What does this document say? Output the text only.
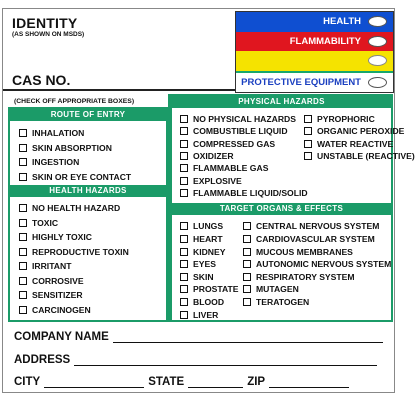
IDENTITY
(AS SHOWN ON MSDS)
CAS NO.
HEALTH
FLAMMABILITY
PROTECTIVE EQUIPMENT
(CHECK OFF APPROPRIATE BOXES)
ROUTE OF ENTRY
INHALATION
SKIN ABSORPTION
INGESTION
SKIN OR EYE CONTACT
HEALTH HAZARDS
NO HEALTH HAZARD
TOXIC
HIGHLY TOXIC
REPRODUCTIVE TOXIN
IRRITANT
CORROSIVE
SENSITIZER
CARCINOGEN
PHYSICAL HAZARDS
NO PHYSICAL HAZARDS
COMBUSTIBLE LIQUID
COMPRESSED GAS
OXIDIZER
FLAMMABLE GAS
EXPLOSIVE
FLAMMABLE LIQUID/SOLID
PYROPHORIC
ORGANIC PEROXIDE
WATER REACTIVE
UNSTABLE (REACTIVE)
TARGET ORGANS & EFFECTS
LUNGS
HEART
KIDNEY
EYES
SKIN
PROSTATE
BLOOD
LIVER
CENTRAL NERVOUS SYSTEM
CARDIOVASCULAR SYSTEM
MUCOUS MEMBRANES
AUTONOMIC NERVOUS SYSTEM
RESPIRATORY SYSTEM
MUTAGEN
TERATOGEN
COMPANY NAME
ADDRESS
CITY	STATE	ZIP
